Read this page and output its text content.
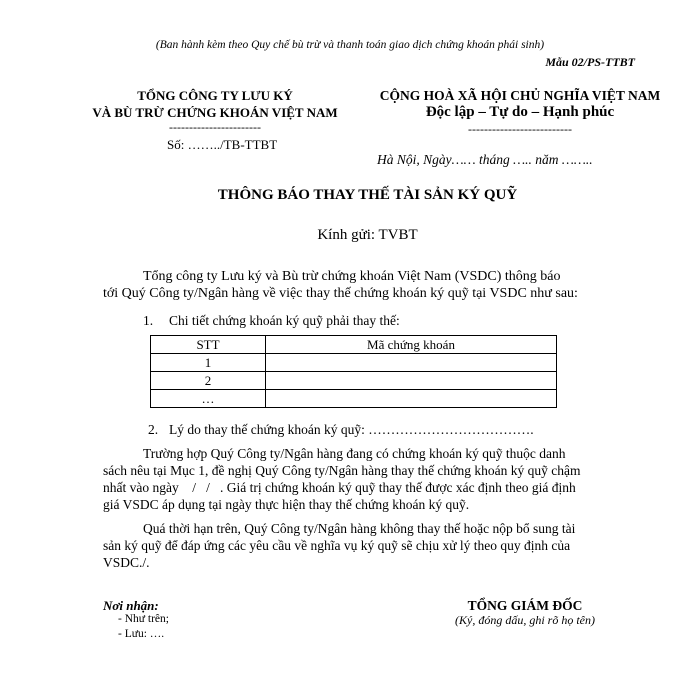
(Ban hành kèm theo Quy chế bù trừ và thanh toán giao dịch chứng khoán phái sinh)
Mẫu 02/PS-TTBT
TỔNG CÔNG TY LƯU KÝ
VÀ BÙ TRỪ CHỨNG KHOÁN VIỆT NAM
-----------------------
Số: ……../TB-TTBT
CỘNG HOÀ XÃ HỘI CHỦ NGHĨA VIỆT NAM
Độc lập – Tự do – Hạnh phúc
--------------------------
Hà Nội, Ngày…… tháng ….. năm ……..
THÔNG BÁO THAY THẾ TÀI SẢN KÝ QUỸ
Kính gửi: TVBT
Tổng công ty Lưu ký và Bù trừ chứng khoán Việt Nam (VSDC) thông báo
tới Quý Công ty/Ngân hàng về việc thay thế chứng khoán ký quỹ tại VSDC như sau:
1. Chi tiết chứng khoán ký quỹ phải thay thế:
STT	Mã chứng khoán
1	
2	
…	
2. Lý do thay thế chứng khoán ký quỹ: ……………………………….
Trường hợp Quý Công ty/Ngân hàng đang có chứng khoán ký quỹ thuộc danh
sách nêu tại Mục 1, đề nghị Quý Công ty/Ngân hàng thay thế chứng khoán ký quỹ chậm
nhất vào ngày    /   /   . Giá trị chứng khoán ký quỹ thay thế được xác định theo giá định
giá VSDC áp dụng tại ngày thực hiện thay thế chứng khoán ký quỹ.
Quá thời hạn trên, Quý Công ty/Ngân hàng không thay thế hoặc nộp bổ sung tài
sản ký quỹ để đáp ứng các yêu cầu về nghĩa vụ ký quỹ sẽ chịu xử lý theo quy định của
VSDC./.
Nơi nhận:
- Như trên;
- Lưu: ….
TỔNG GIÁM ĐỐC
(Ký, đóng dấu, ghi rõ họ tên)
